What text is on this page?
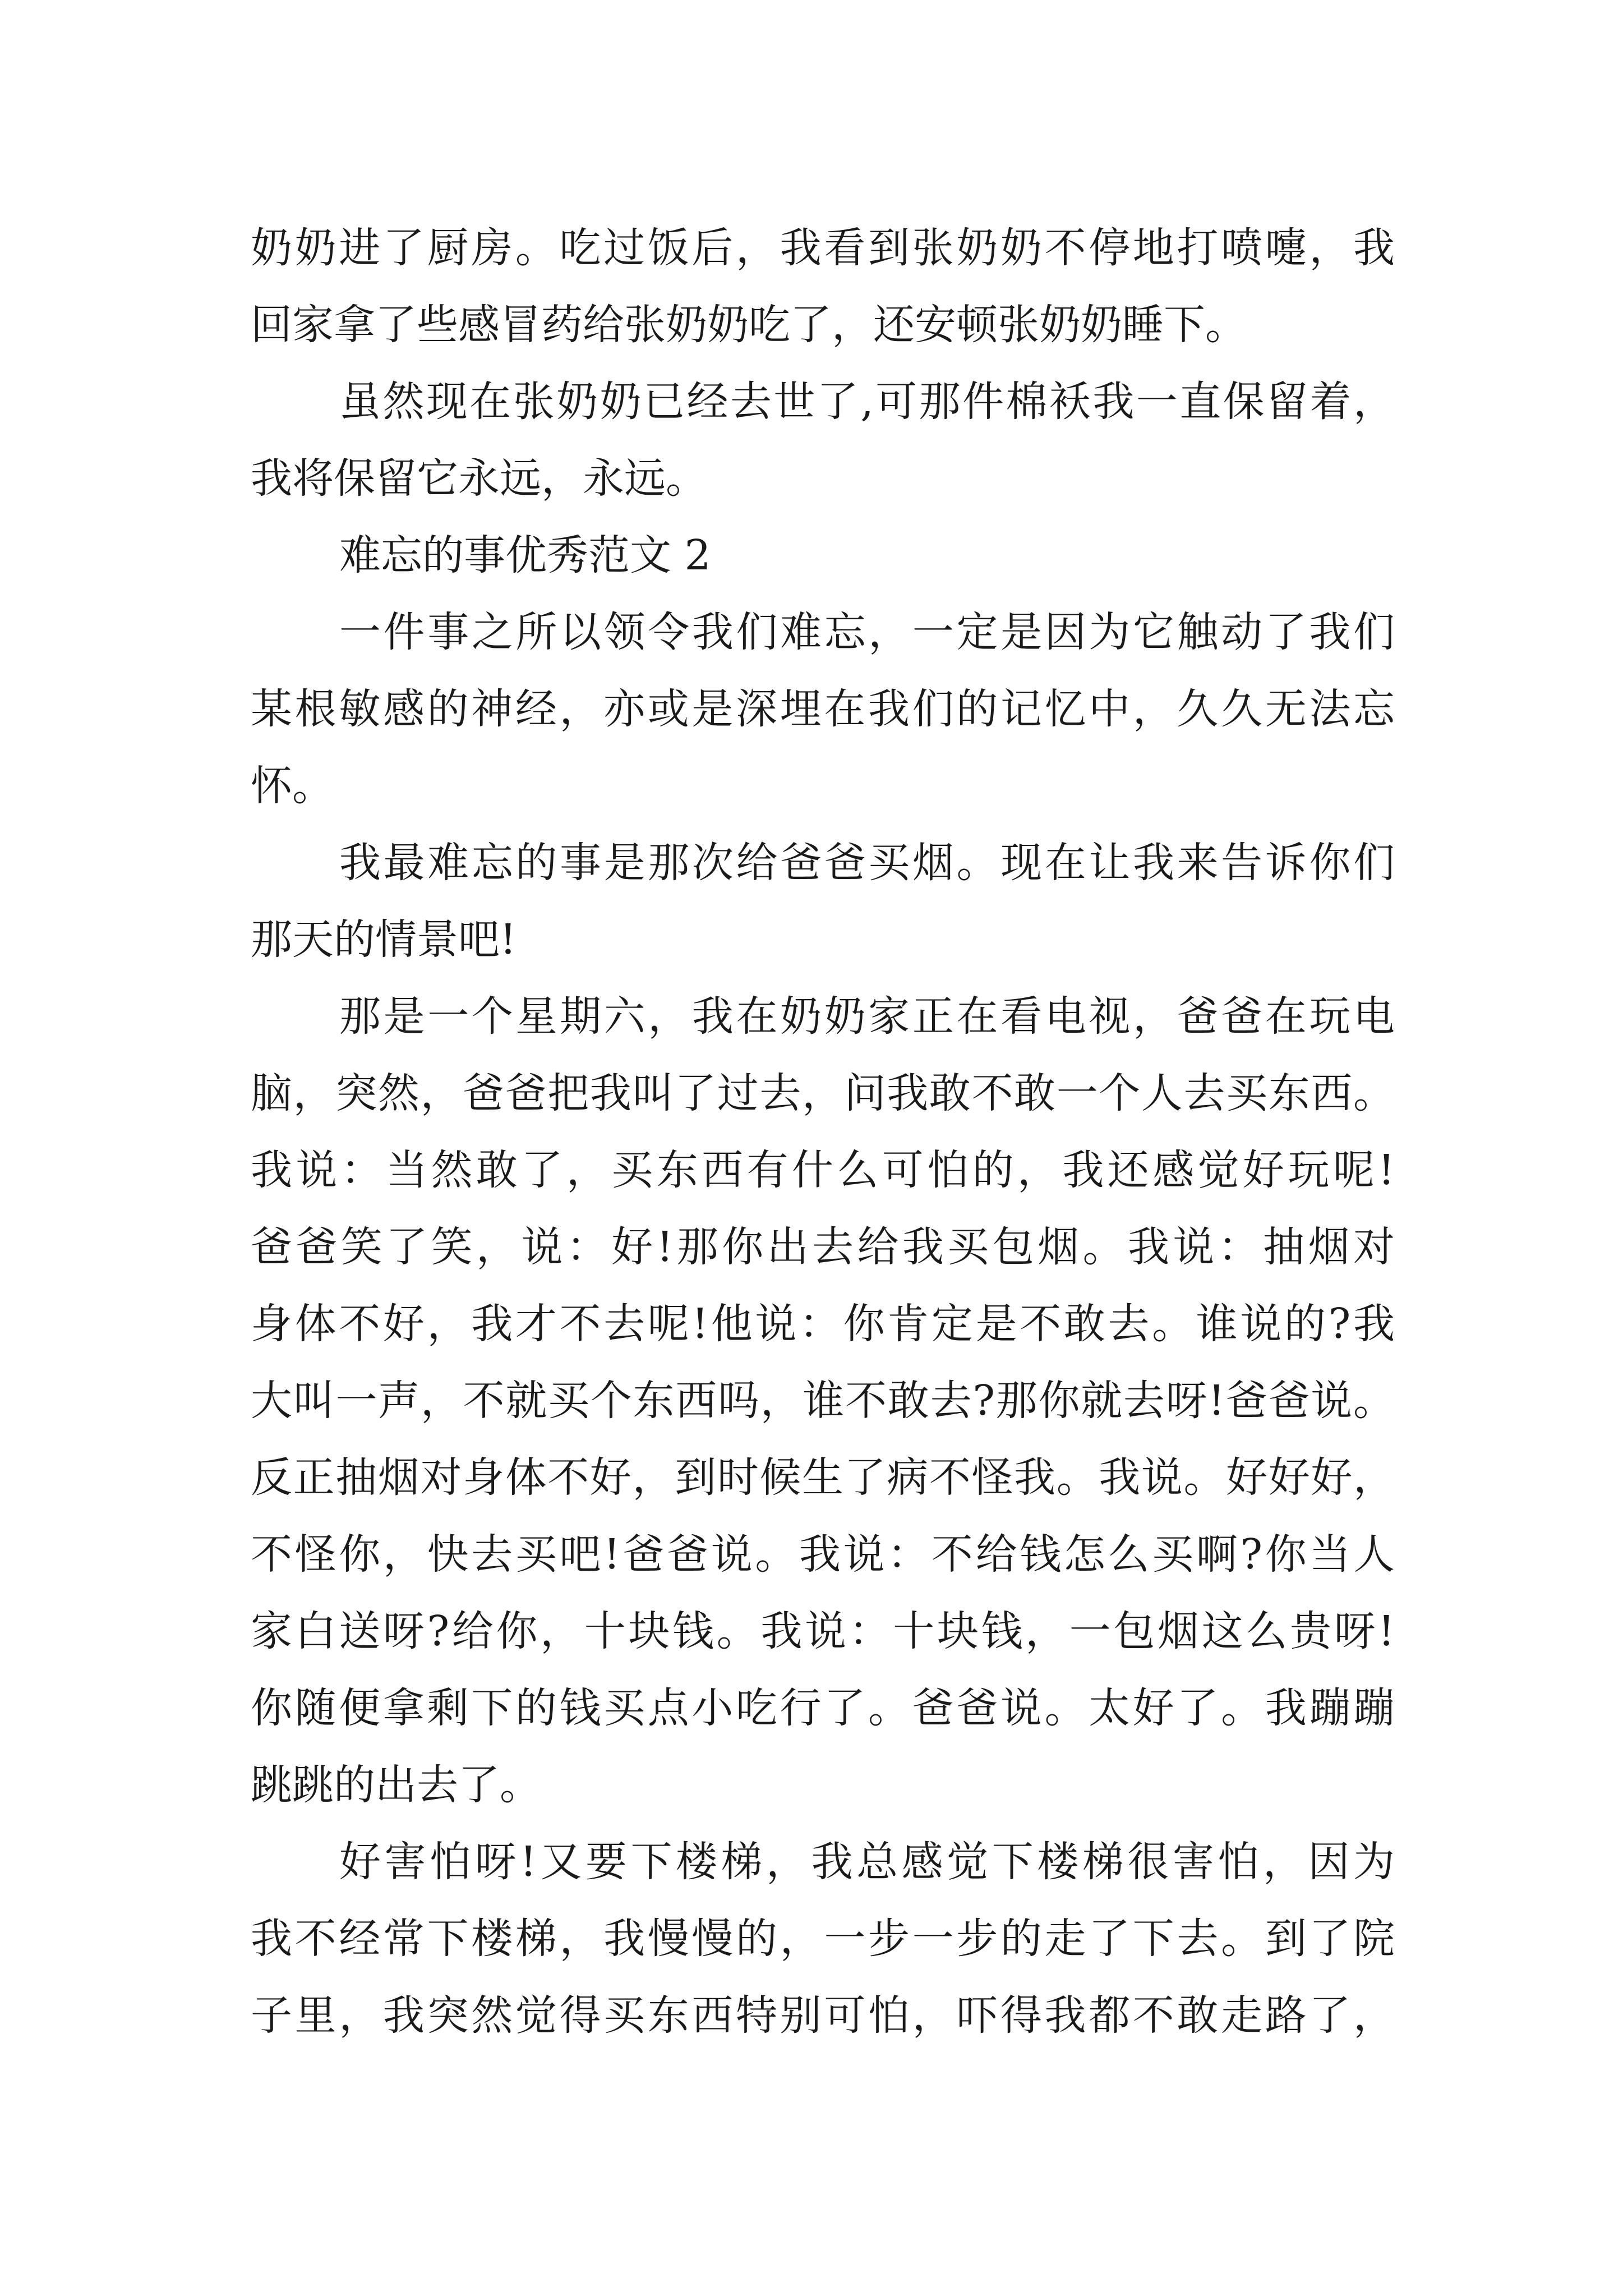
奶奶进了厨房。吃过饭后，我看到张奶奶不停地打喷嚏，我
回家拿了些感冒药给张奶奶吃了，还安顿张奶奶睡下。
虽然现在张奶奶已经去世了,可那件棉袄我一直保留着，
我将保留它永远，永远。
难忘的事优秀范文 2
一件事之所以领令我们难忘，一定是因为它触动了我们
某根敏感的神经，亦或是深埋在我们的记忆中，久久无法忘
怀。
我最难忘的事是那次给爸爸买烟。现在让我来告诉你们
那天的情景吧!
那是一个星期六，我在奶奶家正在看电视，爸爸在玩电
脑，突然，爸爸把我叫了过去，问我敢不敢一个人去买东西。
我说：当然敢了，买东西有什么可怕的，我还感觉好玩呢!
爸爸笑了笑，说：好!那你出去给我买包烟。我说：抽烟对
身体不好，我才不去呢!他说：你肯定是不敢去。谁说的?我
大叫一声，不就买个东西吗，谁不敢去?那你就去呀!爸爸说。
反正抽烟对身体不好，到时候生了病不怪我。我说。好好好，
不怪你，快去买吧!爸爸说。我说：不给钱怎么买啊?你当人
家白送呀?给你，十块钱。我说：十块钱，一包烟这么贵呀!
你随便拿剩下的钱买点小吃行了。爸爸说。太好了。我蹦蹦
跳跳的出去了。
好害怕呀!又要下楼梯，我总感觉下楼梯很害怕，因为
我不经常下楼梯，我慢慢的，一步一步的走了下去。到了院
子里，我突然觉得买东西特别可怕，吓得我都不敢走路了，
